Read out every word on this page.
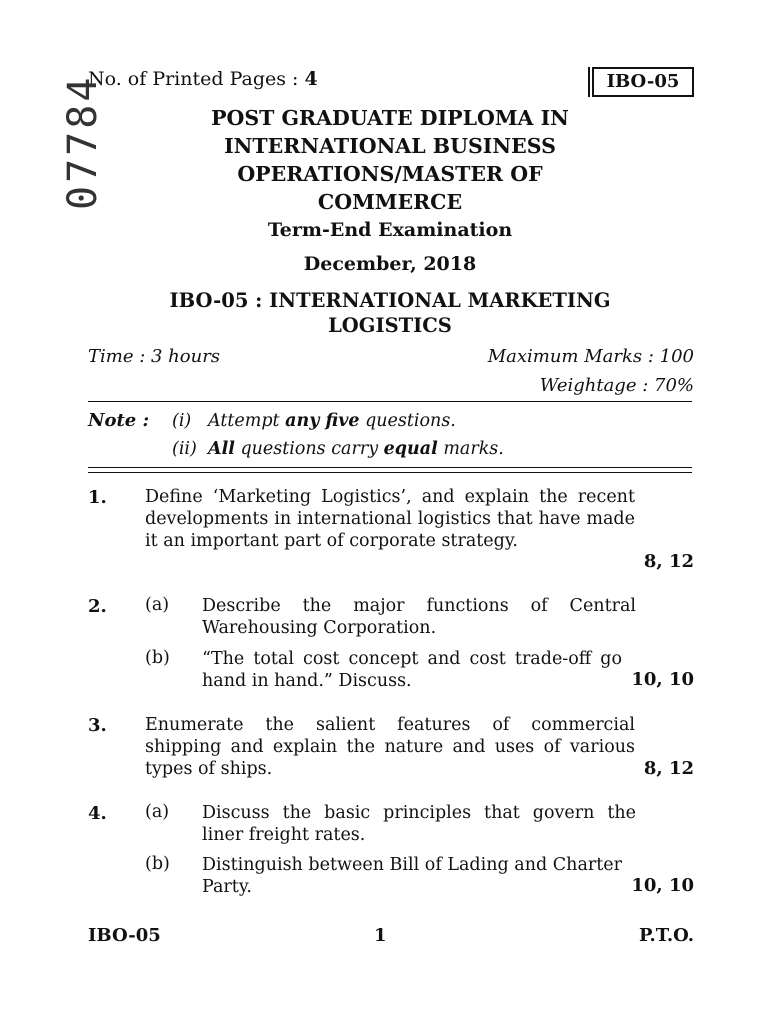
No. of Printed Pages : 4	IBO-05
07784	POST GRADUATE DIPLOMA IN
INTERNATIONAL BUSINESS
OPERATIONS/MASTER OF
COMMERCE
Term-End Examination
December, 2018
IBO-05 : INTERNATIONAL MARKETING
LOGISTICS
Time : 3 hours	Maximum Marks : 100
Weightage : 70%
Note : (i) Attempt any five questions.
(ii) All questions carry equal marks.
1. Define ‘Marketing Logistics’, and explain the recent developments in international logistics that have made it an important part of corporate strategy.
8, 12
2. (a) Describe the major functions of Central Warehousing Corporation.
(b) “The total cost concept and cost trade-off go hand in hand.” Discuss.	10, 10
3. Enumerate the salient features of commercial shipping and explain the nature and uses of various types of ships.	8, 12
4. (a) Discuss the basic principles that govern the liner freight rates.
(b) Distinguish between Bill of Lading and Charter Party.	10, 10
IBO-05	1	P.T.O.
